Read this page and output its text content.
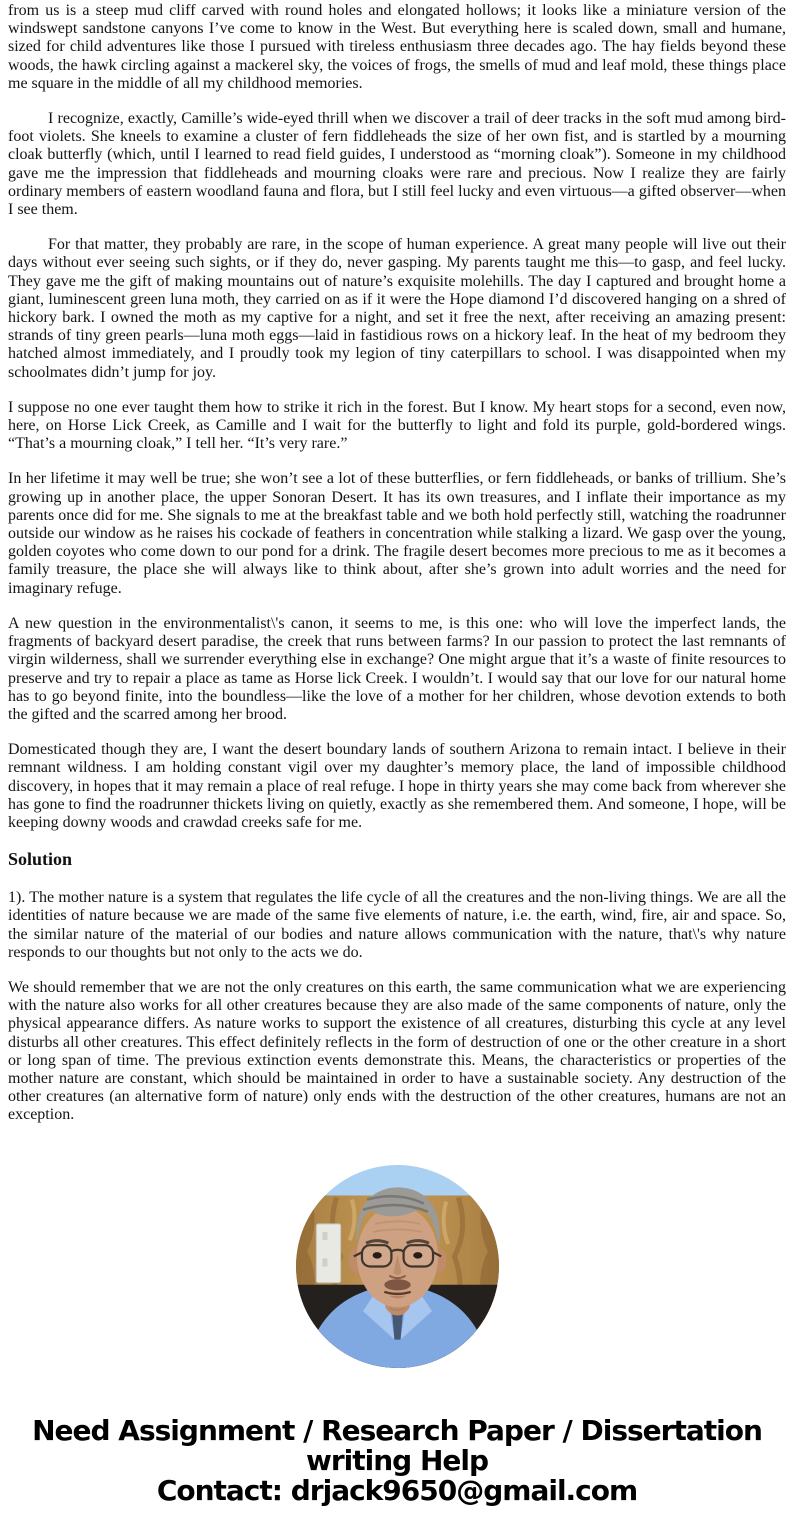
from us is a steep mud cliff carved with round holes and elongated hollows; it looks like a miniature version of the windswept sandstone canyons I’ve come to know in the West. But everything here is scaled down, small and humane, sized for child adventures like those I pursued with tireless enthusiasm three decades ago. The hay fields beyond these woods, the hawk circling against a mackerel sky, the voices of frogs, the smells of mud and leaf mold, these things place me square in the middle of all my childhood memories.

I recognize, exactly, Camille’s wide-eyed thrill when we discover a trail of deer tracks in the soft mud among bird-foot violets. She kneels to examine a cluster of fern fiddleheads the size of her own fist, and is startled by a mourning cloak butterfly (which, until I learned to read field guides, I understood as “morning cloak”). Someone in my childhood gave me the impression that fiddleheads and mourning cloaks were rare and precious. Now I realize they are fairly ordinary members of eastern woodland fauna and flora, but I still feel lucky and even virtuous—a gifted observer—when I see them.

For that matter, they probably are rare, in the scope of human experience. A great many people will live out their days without ever seeing such sights, or if they do, never gasping. My parents taught me this—to gasp, and feel lucky. They gave me the gift of making mountains out of nature’s exquisite molehills. The day I captured and brought home a giant, luminescent green luna moth, they carried on as if it were the Hope diamond I’d discovered hanging on a shred of hickory bark. I owned the moth as my captive for a night, and set it free the next, after receiving an amazing present: strands of tiny green pearls—luna moth eggs—laid in fastidious rows on a hickory leaf. In the heat of my bedroom they hatched almost immediately, and I proudly took my legion of tiny caterpillars to school. I was disappointed when my schoolmates didn’t jump for joy.

I suppose no one ever taught them how to strike it rich in the forest. But I know. My heart stops for a second, even now, here, on Horse Lick Creek, as Camille and I wait for the butterfly to light and fold its purple, gold-bordered wings. “That’s a mourning cloak,” I tell her. “It’s very rare.”

In her lifetime it may well be true; she won’t see a lot of these butterflies, or fern fiddleheads, or banks of trillium. She’s growing up in another place, the upper Sonoran Desert. It has its own treasures, and I inflate their importance as my parents once did for me. She signals to me at the breakfast table and we both hold perfectly still, watching the roadrunner outside our window as he raises his cockade of feathers in concentration while stalking a lizard. We gasp over the young, golden coyotes who come down to our pond for a drink. The fragile desert becomes more precious to me as it becomes a family treasure, the place she will always like to think about, after she’s grown into adult worries and the need for imaginary refuge.

A new question in the environmentalist\'s canon, it seems to me, is this one: who will love the imperfect lands, the fragments of backyard desert paradise, the creek that runs between farms? In our passion to protect the last remnants of virgin wilderness, shall we surrender everything else in exchange? One might argue that it’s a waste of finite resources to preserve and try to repair a place as tame as Horse lick Creek. I wouldn’t. I would say that our love for our natural home has to go beyond finite, into the boundless—like the love of a mother for her children, whose devotion extends to both the gifted and the scarred among her brood.

Domesticated though they are, I want the desert boundary lands of southern Arizona to remain intact. I believe in their remnant wildness. I am holding constant vigil over my daughter’s memory place, the land of impossible childhood discovery, in hopes that it may remain a place of real refuge. I hope in thirty years she may come back from wherever she has gone to find the roadrunner thickets living on quietly, exactly as she remembered them. And someone, I hope, will be keeping downy woods and crawdad creeks safe for me.

Solution

1). The mother nature is a system that regulates the life cycle of all the creatures and the non-living things. We are all the identities of nature because we are made of the same five elements of nature, i.e. the earth, wind, fire, air and space. So, the similar nature of the material of our bodies and nature allows communication with the nature, that\'s why nature responds to our thoughts but not only to the acts we do.

We should remember that we are not the only creatures on this earth, the same communication what we are experiencing with the nature also works for all other creatures because they are also made of the same components of nature, only the physical appearance differs. As nature works to support the existence of all creatures, disturbing this cycle at any level disturbs all other creatures. This effect definitely reflects in the form of destruction of one or the other creature in a short or long span of time. The previous extinction events demonstrate this. Means, the characteristics or properties of the mother nature are constant, which should be maintained in order to have a sustainable society. Any destruction of the other creatures (an alternative form of nature) only ends with the destruction of the other creatures, humans are not an exception.

Need Assignment / Research Paper / Dissertation writing Help
Contact: drjack9650@gmail.com
